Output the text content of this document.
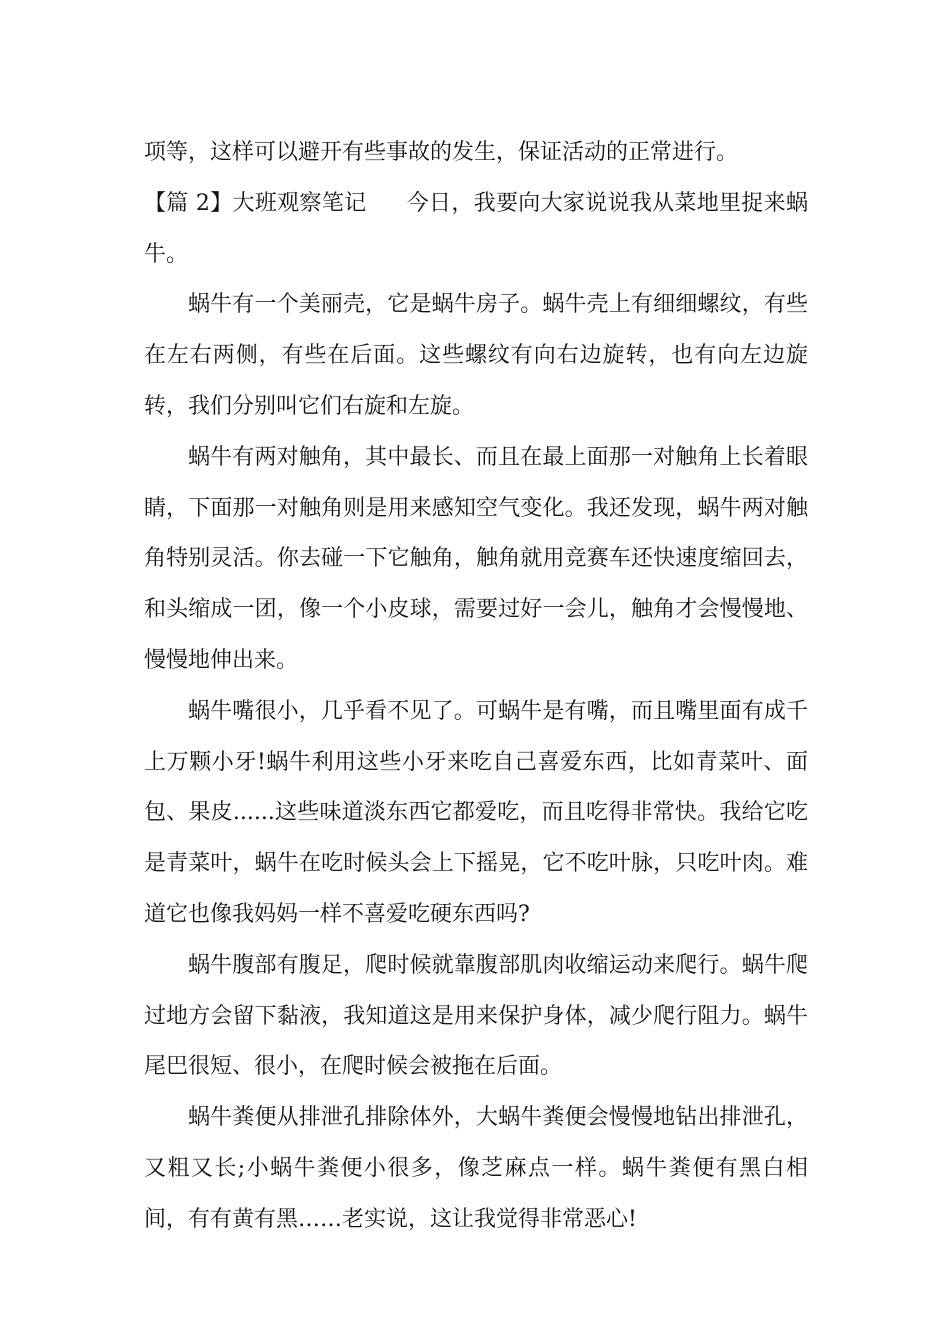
项等，这样可以避开有些事故的发生，保证活动的正常进行。

【篇 2】大班观察笔记 今日，我要向大家说说我从菜地里捉来蜗牛。

蜗牛有一个美丽壳，它是蜗牛房子。蜗牛壳上有细细螺纹，有些在左右两侧，有些在后面。这些螺纹有向右边旋转，也有向左边旋转，我们分别叫它们右旋和左旋。

蜗牛有两对触角，其中最长、而且在最上面那一对触角上长着眼睛，下面那一对触角则是用来感知空气变化。我还发现，蜗牛两对触角特别灵活。你去碰一下它触角，触角就用竞赛车还快速度缩回去，和头缩成一团，像一个小皮球，需要过好一会儿，触角才会慢慢地、慢慢地伸出来。

蜗牛嘴很小，几乎看不见了。可蜗牛是有嘴，而且嘴里面有成千上万颗小牙!蜗牛利用这些小牙来吃自己喜爱东西，比如青菜叶、面包、果皮......这些味道淡东西它都爱吃，而且吃得非常快。我给它吃是青菜叶，蜗牛在吃时候头会上下摇晃，它不吃叶脉，只吃叶肉。难道它也像我妈妈一样不喜爱吃硬东西吗?

蜗牛腹部有腹足，爬时候就靠腹部肌肉收缩运动来爬行。蜗牛爬过地方会留下黏液，我知道这是用来保护身体，减少爬行阻力。蜗牛尾巴很短、很小，在爬时候会被拖在后面。

蜗牛粪便从排泄孔排除体外，大蜗牛粪便会慢慢地钻出排泄孔，又粗又长;小蜗牛粪便小很多，像芝麻点一样。蜗牛粪便有黑白相间，有有黄有黑……老实说，这让我觉得非常恶心!
